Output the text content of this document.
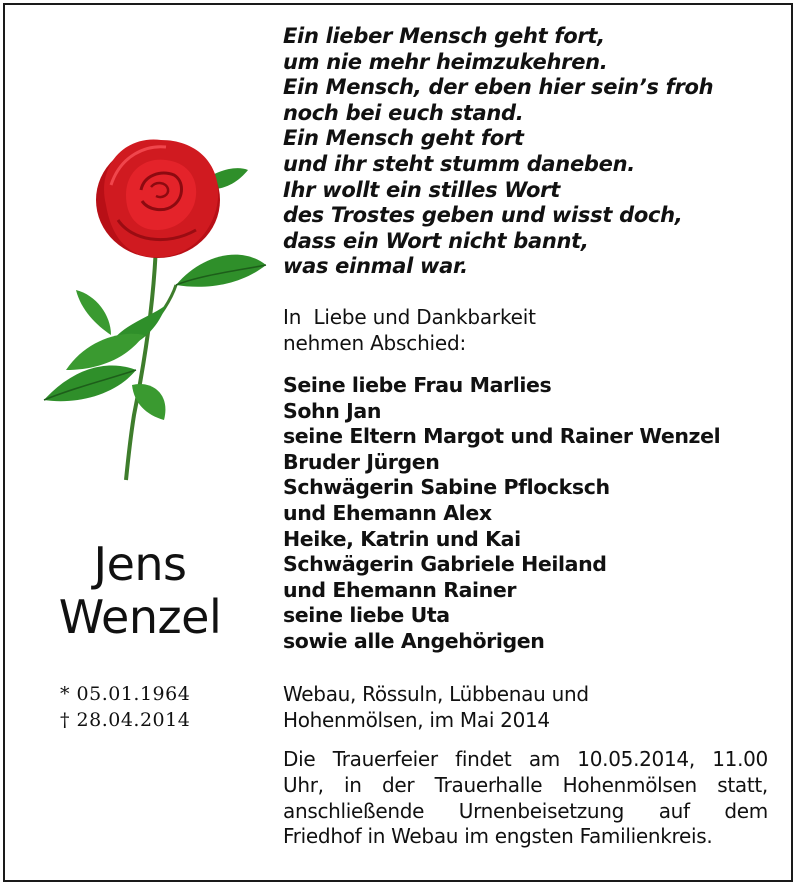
Ein lieber Mensch geht fort,
um nie mehr heimzukehren.
Ein Mensch, der eben hier sein’s froh
noch bei euch stand.
Ein Mensch geht fort
und ihr steht stumm daneben.
Ihr wollt ein stilles Wort
des Trostes geben und wisst doch,
dass ein Wort nicht bannt,
was einmal war.
In  Liebe und Dankbarkeit
nehmen Abschied:
Seine liebe Frau Marlies
Sohn Jan
seine Eltern Margot und Rainer Wenzel
Bruder Jürgen
Schwägerin Sabine Pflocksch
und Ehemann Alex
Heike, Katrin und Kai
Schwägerin Gabriele Heiland
und Ehemann Rainer
seine liebe Uta
sowie alle Angehörigen
Jens
Wenzel
* 05.01.1964
† 28.04.2014
Webau, Rössuln, Lübbenau und
Hohenmölsen, im Mai 2014
Die Trauerfeier findet am 10.05.2014, 11.00
Uhr, in der Trauerhalle Hohenmölsen statt,
anschließende Urnenbeisetzung auf dem
Friedhof in Webau im engsten Familienkreis.
